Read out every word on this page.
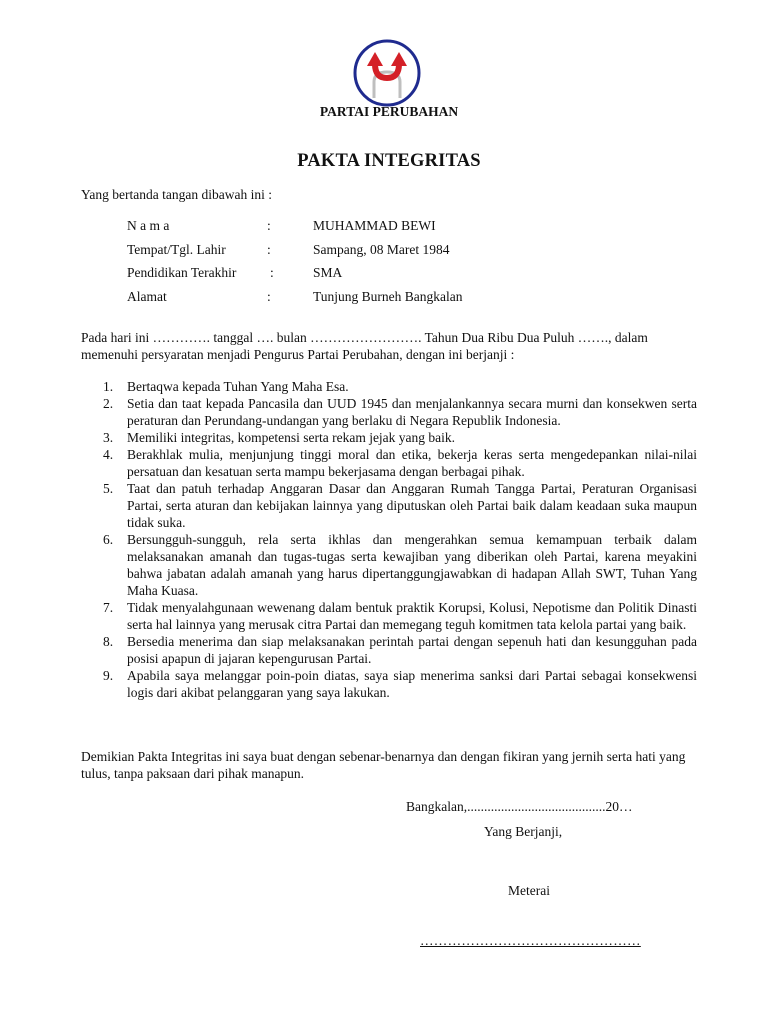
PARTAI PERUBAHAN
PAKTA INTEGRITAS
Yang bertanda tangan dibawah ini :
N a m a	:	MUHAMMAD BEWI
Tempat/Tgl. Lahir	:	Sampang, 08 Maret 1984
Pendidikan Terakhir :	SMA
Alamat	:	Tunjung Burneh Bangkalan
Pada hari ini …………. tanggal …. bulan ……………………. Tahun Dua Ribu Dua Puluh ……., dalam memenuhi persyaratan menjadi Pengurus Partai Perubahan, dengan ini berjanji :
1. Bertaqwa kepada Tuhan Yang Maha Esa.
2. Setia dan taat kepada Pancasila dan UUD 1945 dan menjalankannya secara murni dan konsekwen serta peraturan dan Perundang-undangan yang berlaku di Negara Republik Indonesia.
3. Memiliki integritas, kompetensi serta rekam jejak yang baik.
4. Berakhlak mulia, menjunjung tinggi moral dan etika, bekerja keras serta mengedepankan nilai-nilai persatuan dan kesatuan serta mampu bekerjasama dengan berbagai pihak.
5. Taat dan patuh terhadap Anggaran Dasar dan Anggaran Rumah Tangga Partai, Peraturan Organisasi Partai, serta aturan dan kebijakan lainnya yang diputuskan oleh Partai baik dalam keadaan suka maupun tidak suka.
6. Bersungguh-sungguh, rela serta ikhlas dan mengerahkan semua kemampuan terbaik dalam melaksanakan amanah dan tugas-tugas serta kewajiban yang diberikan oleh Partai, karena meyakini bahwa jabatan adalah amanah yang harus dipertanggungjawabkan di hadapan Allah SWT, Tuhan Yang Maha Kuasa.
7. Tidak menyalahgunaan wewenang dalam bentuk praktik Korupsi, Kolusi, Nepotisme dan Politik Dinasti serta hal lainnya yang merusak citra Partai dan memegang teguh komitmen tata kelola partai yang baik.
8. Bersedia menerima dan siap melaksanakan perintah partai dengan sepenuh hati dan kesungguhan pada posisi apapun di jajaran kepengurusan Partai.
9. Apabila saya melanggar poin-poin diatas, saya siap menerima sanksi dari Partai sebagai konsekwensi logis dari akibat pelanggaran yang saya lakukan.
Demikian Pakta Integritas ini saya buat dengan sebenar-benarnya dan dengan fikiran yang jernih serta hati yang tulus, tanpa paksaan dari pihak manapun.
Bangkalan,.........................................20…
Yang Berjanji,
Meterai
…………………………………………
